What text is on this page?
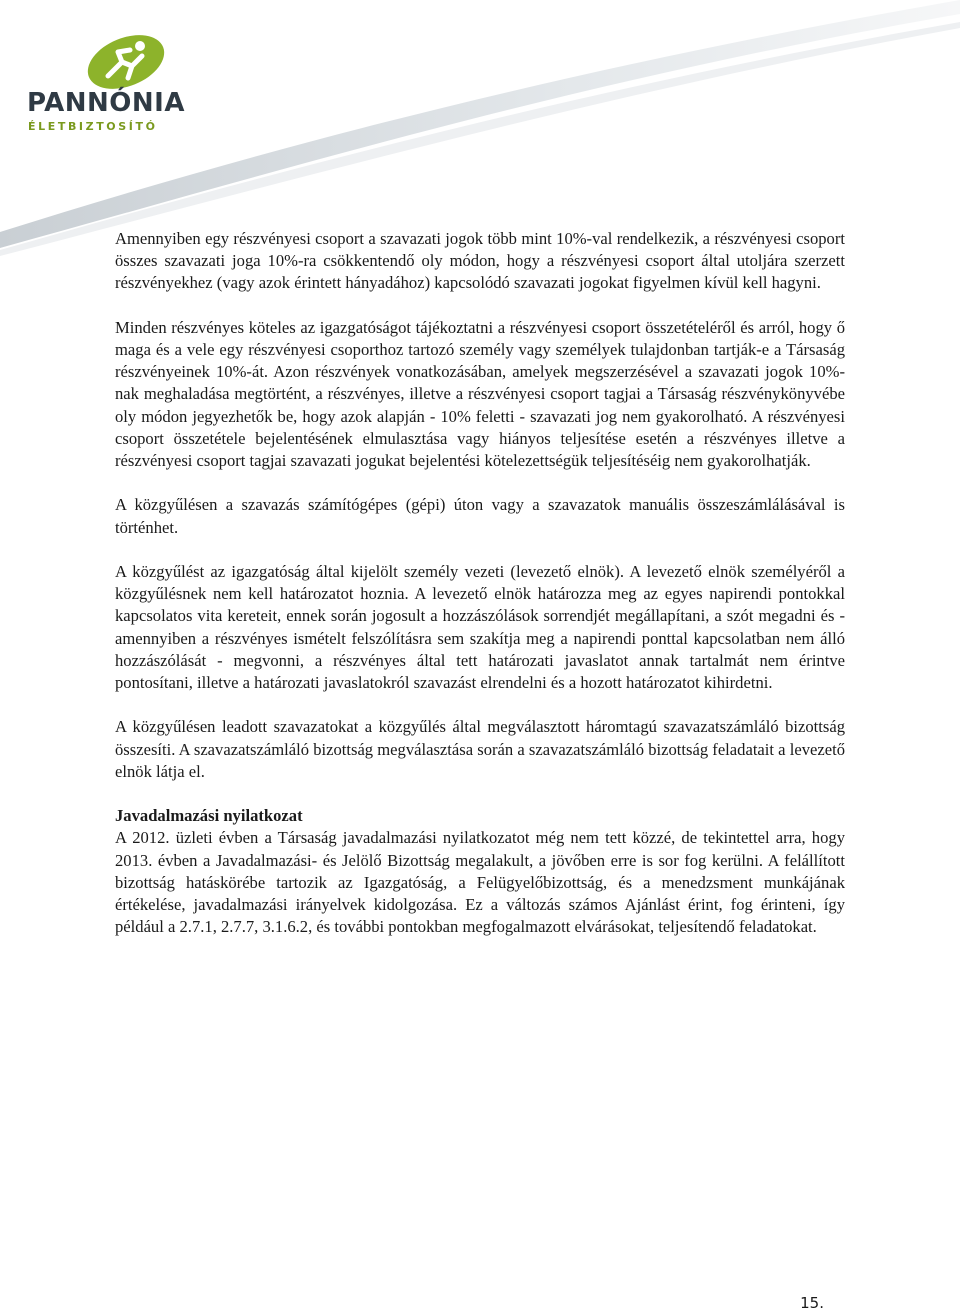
PANNÓNIA
ÉLETBIZTOSÍTÓ

Amennyiben egy részvényesi csoport a szavazati jogok több mint 10%-val rendelkezik, a részvényesi csoport összes szavazati joga 10%-ra csökkentendő oly módon, hogy a részvényesi csoport által utoljára szerzett részvényekhez (vagy azok érintett hányadához) kapcsolódó szavazati jogokat figyelmen kívül kell hagyni.

Minden részvényes köteles az igazgatóságot tájékoztatni a részvényesi csoport összetételéről és arról, hogy ő maga és a vele egy részvényesi csoporthoz tartozó személy vagy személyek tulajdonban tartják-e a Társaság részvényeinek 10%-át. Azon részvények vonatkozásában, amelyek megszerzésével a szavazati jogok 10%-nak meghaladása megtörtént, a részvényes, illetve a részvényesi csoport tagjai a Társaság részvénykönyvébe oly módon jegyezhetők be, hogy azok alapján - 10% feletti - szavazati jog nem gyakorolható. A részvényesi csoport összetétele bejelentésének elmulasztása vagy hiányos teljesítése esetén a részvényes illetve a részvényesi csoport tagjai szavazati jogukat bejelentési kötelezettségük teljesítéséig nem gyakorolhatják.

A közgyűlésen a szavazás számítógépes (gépi) úton vagy a szavazatok manuális összeszámlálásával is történhet.

A közgyűlést az igazgatóság által kijelölt személy vezeti (levezető elnök). A levezető elnök személyéről a közgyűlésnek nem kell határozatot hoznia. A levezető elnök határozza meg az egyes napirendi pontokkal kapcsolatos vita kereteit, ennek során jogosult a hozzászólások sorrendjét megállapítani, a szót megadni és - amennyiben a részvényes ismételt felszólításra sem szakítja meg a napirendi ponttal kapcsolatban nem álló hozzászólását - megvonni, a részvényes által tett határozati javaslatot annak tartalmát nem érintve pontosítani, illetve a határozati javaslatokról szavazást elrendelni és a hozott határozatot kihirdetni.

A közgyűlésen leadott szavazatokat a közgyűlés által megválasztott háromtagú szavazatszámláló bizottság összesíti. A szavazatszámláló bizottság megválasztása során a szavazatszámláló bizottság feladatait a levezető elnök látja el.

Javadalmazási nyilatkozat

A 2012. üzleti évben a Társaság javadalmazási nyilatkozatot még nem tett közzé, de tekintettel arra, hogy 2013. évben a Javadalmazási- és Jelölő Bizottság megalakult, a jövőben erre is sor fog kerülni. A felállított bizottság hatáskörébe tartozik az Igazgatóság, a Felügyelőbizottság, és a menedzsment munkájának értékelése, javadalmazási irányelvek kidolgozása. Ez a változás számos Ajánlást érint, fog érinteni, így például a 2.7.1, 2.7.7, 3.1.6.2, és további pontokban megfogalmazott elvárásokat, teljesítendő feladatokat.

15.
